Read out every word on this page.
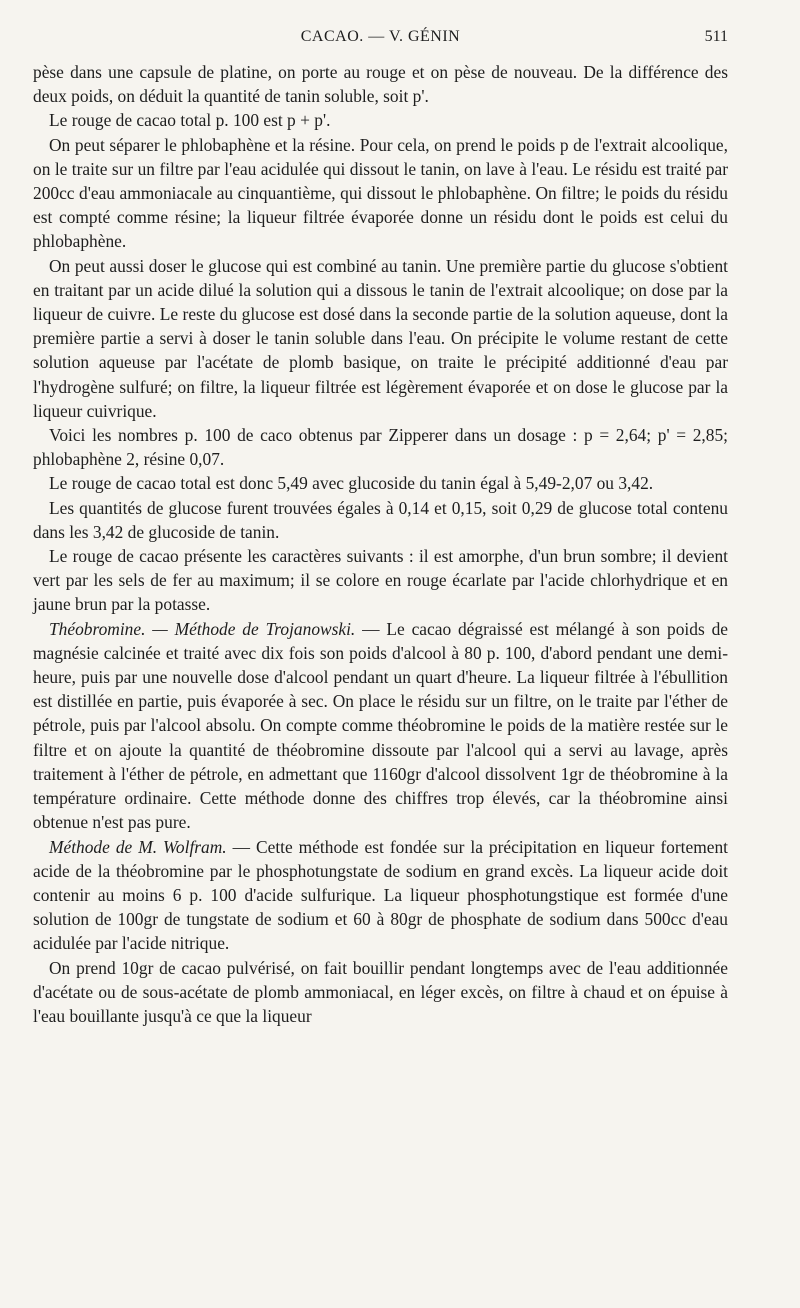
CACAO. — V. GÉNIN	511

pèse dans une capsule de platine, on porte au rouge et on pèse de nouveau. De la différence des deux poids, on déduit la quantité de tanin soluble, soit p'.

Le rouge de cacao total p. 100 est p + p'.

On peut séparer le phlobaphène et la résine. Pour cela, on prend le poids p de l'extrait alcoolique, on le traite sur un filtre par l'eau acidulée qui dissout le tanin, on lave à l'eau. Le résidu est traité par 200cc d'eau ammoniacale au cinquantième, qui dissout le phlobaphène. On filtre; le poids du résidu est compté comme résine; la liqueur filtrée évaporée donne un résidu dont le poids est celui du phlobaphène.

On peut aussi doser le glucose qui est combiné au tanin. Une première partie du glucose s'obtient en traitant par un acide dilué la solution qui a dissous le tanin de l'extrait alcoolique; on dose par la liqueur de cuivre. Le reste du glucose est dosé dans la seconde partie de la solution aqueuse, dont la première partie a servi à doser le tanin soluble dans l'eau. On précipite le volume restant de cette solution aqueuse par l'acétate de plomb basique, on traite le précipité additionné d'eau par l'hydrogène sulfuré; on filtre, la liqueur filtrée est légèrement évaporée et on dose le glucose par la liqueur cuivrique.

Voici les nombres p. 100 de caco obtenus par Zipperer dans un dosage : p = 2,64; p' = 2,85; phlobaphène 2, résine 0,07.

Le rouge de cacao total est donc 5,49 avec glucoside du tanin égal à 5,49-2,07 ou 3,42.

Les quantités de glucose furent trouvées égales à 0,14 et 0,15, soit 0,29 de glucose total contenu dans les 3,42 de glucoside de tanin.

Le rouge de cacao présente les caractères suivants : il est amorphe, d'un brun sombre; il devient vert par les sels de fer au maximum; il se colore en rouge écarlate par l'acide chlorhydrique et en jaune brun par la potasse.

Théobromine. — Méthode de Trojanowski. — Le cacao dégraissé est mélangé à son poids de magnésie calcinée et traité avec dix fois son poids d'alcool à 80 p. 100, d'abord pendant une demi-heure, puis par une nouvelle dose d'alcool pendant un quart d'heure. La liqueur filtrée à l'ébullition est distillée en partie, puis évaporée à sec. On place le résidu sur un filtre, on le traite par l'éther de pétrole, puis par l'alcool absolu. On compte comme théobromine le poids de la matière restée sur le filtre et on ajoute la quantité de théobromine dissoute par l'alcool qui a servi au lavage, après traitement à l'éther de pétrole, en admettant que 1160gr d'alcool dissolvent 1gr de théobromine à la température ordinaire. Cette méthode donne des chiffres trop élevés, car la théobromine ainsi obtenue n'est pas pure.

Méthode de M. Wolfram. — Cette méthode est fondée sur la précipitation en liqueur fortement acide de la théobromine par le phosphotungstate de sodium en grand excès. La liqueur acide doit contenir au moins 6 p. 100 d'acide sulfurique. La liqueur phosphotungstique est formée d'une solution de 100gr de tungstate de sodium et 60 à 80gr de phosphate de sodium dans 500cc d'eau acidulée par l'acide nitrique.

On prend 10gr de cacao pulvérisé, on fait bouillir pendant longtemps avec de l'eau additionnée d'acétate ou de sous-acétate de plomb ammoniacal, en léger excès, on filtre à chaud et on épuise à l'eau bouillante jusqu'à ce que la liqueur
